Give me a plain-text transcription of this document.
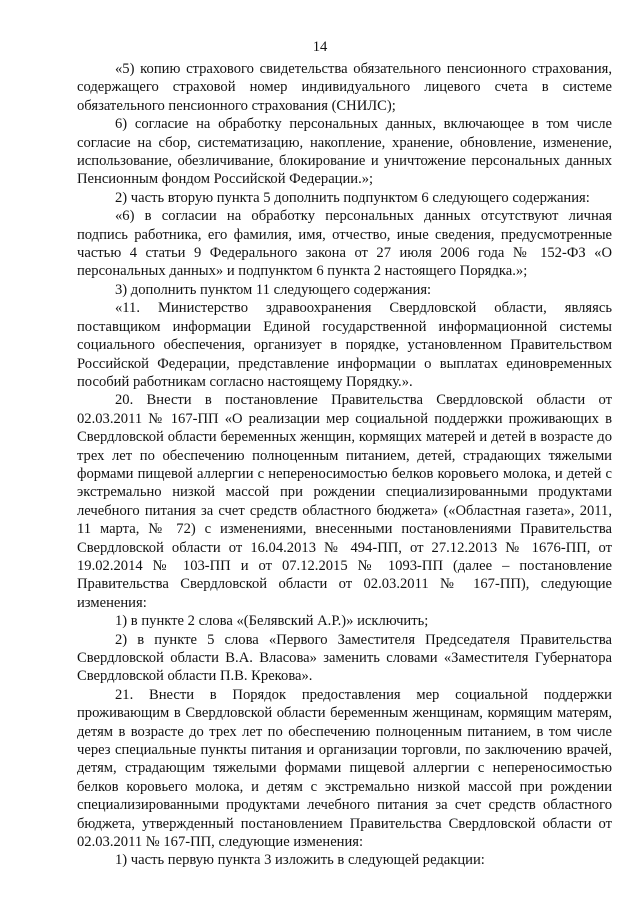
14

«5) копию страхового свидетельства обязательного пенсионного страхования, содержащего страховой номер индивидуального лицевого счета в системе обязательного пенсионного страхования (СНИЛС);

6) согласие на обработку персональных данных, включающее в том числе согласие на сбор, систематизацию, накопление, хранение, обновление, изменение, использование, обезличивание, блокирование и уничтожение персональных данных Пенсионным фондом Российской Федерации.»;

2) часть вторую пункта 5 дополнить подпунктом 6 следующего содержания:

«6) в согласии на обработку персональных данных отсутствуют личная подпись работника, его фамилия, имя, отчество, иные сведения, предусмотренные частью 4 статьи 9 Федерального закона от 27 июля 2006 года № 152-ФЗ «О персональных данных» и подпунктом 6 пункта 2 настоящего Порядка.»;

3) дополнить пунктом 11 следующего содержания:

«11. Министерство здравоохранения Свердловской области, являясь поставщиком информации Единой государственной информационной системы социального обеспечения, организует в порядке, установленном Правительством Российской Федерации, представление информации о выплатах единовременных пособий работникам согласно настоящему Порядку.».

20. Внести в постановление Правительства Свердловской области от 02.03.2011 № 167-ПП «О реализации мер социальной поддержки проживающих в Свердловской области беременных женщин, кормящих матерей и детей в возрасте до трех лет по обеспечению полноценным питанием, детей, страдающих тяжелыми формами пищевой аллергии с непереносимостью белков коровьего молока, и детей с экстремально низкой массой при рождении специализированными продуктами лечебного питания за счет средств областного бюджета» («Областная газета», 2011, 11 марта, № 72) с изменениями, внесенными постановлениями Правительства Свердловской области от 16.04.2013 № 494-ПП, от 27.12.2013 № 1676-ПП, от 19.02.2014 № 103-ПП и от 07.12.2015 № 1093-ПП (далее – постановление Правительства Свердловской области от 02.03.2011 № 167-ПП), следующие изменения:

1) в пункте 2 слова «(Белявский А.Р.)» исключить;

2) в пункте 5 слова «Первого Заместителя Председателя Правительства Свердловской области В.А. Власова» заменить словами «Заместителя Губернатора Свердловской области П.В. Крекова».

21. Внести в Порядок предоставления мер социальной поддержки проживающим в Свердловской области беременным женщинам, кормящим матерям, детям в возрасте до трех лет по обеспечению полноценным питанием, в том числе через специальные пункты питания и организации торговли, по заключению врачей, детям, страдающим тяжелыми формами пищевой аллергии с непереносимостью белков коровьего молока, и детям с экстремально низкой массой при рождении специализированными продуктами лечебного питания за счет средств областного бюджета, утвержденный постановлением Правительства Свердловской области от 02.03.2011 № 167-ПП, следующие изменения:

1) часть первую пункта 3 изложить в следующей редакции:
